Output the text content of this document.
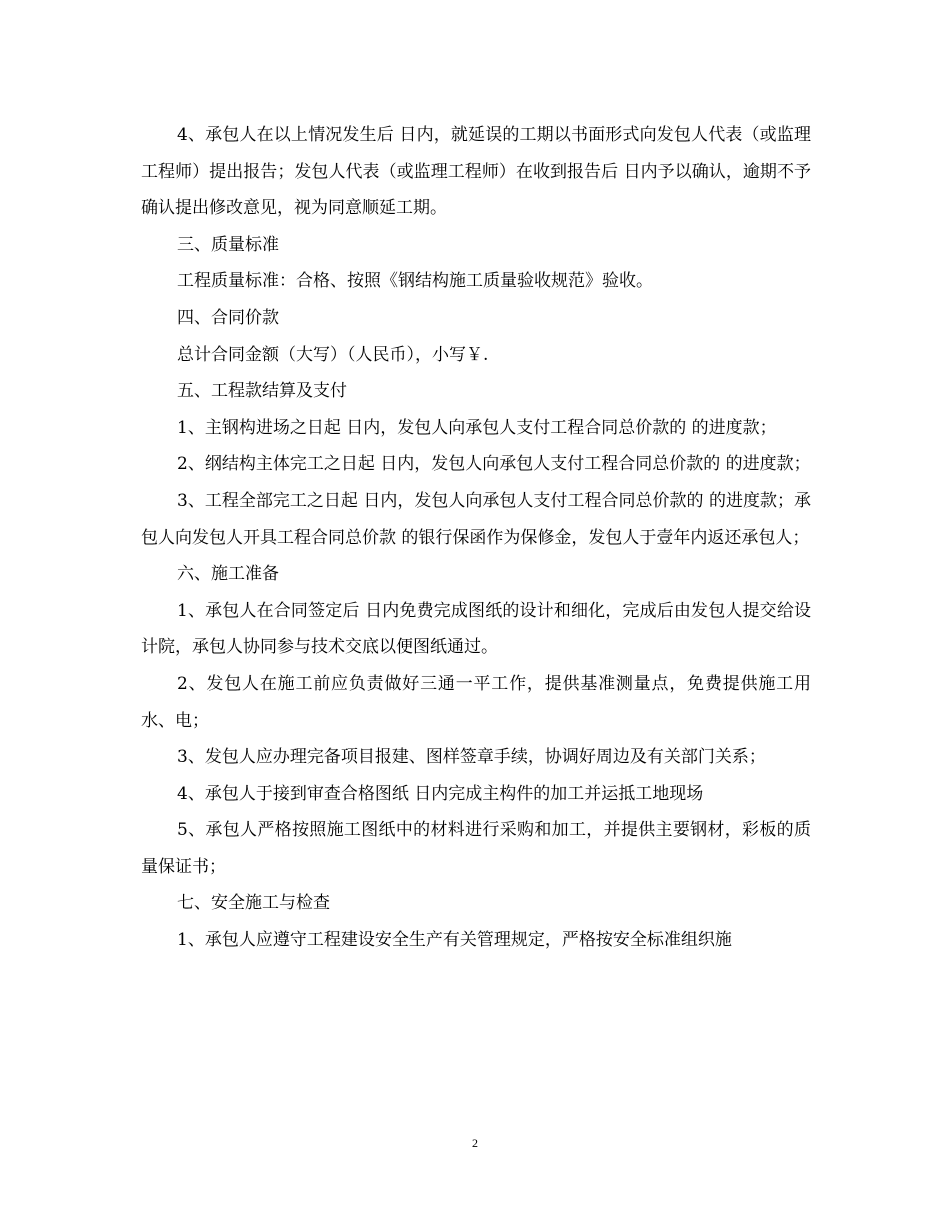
4、承包人在以上情况发生后 日内，就延误的工期以书面形式向发包人代表（或监理工程师）提出报告；发包人代表（或监理工程师）在收到报告后 日内予以确认，逾期不予确认提出修改意见，视为同意顺延工期。

三、质量标准

工程质量标准：合格、按照《钢结构施工质量验收规范》验收。

四、合同价款

总计合同金额（大写）（人民币），小写￥.

五、工程款结算及支付

1、主钢构进场之日起 日内，发包人向承包人支付工程合同总价款的 的进度款；

2、纲结构主体完工之日起 日内，发包人向承包人支付工程合同总价款的 的进度款；

3、工程全部完工之日起 日内，发包人向承包人支付工程合同总价款的 的进度款；承包人向发包人开具工程合同总价款 的银行保函作为保修金，发包人于壹年内返还承包人；

六、施工准备

1、承包人在合同签定后 日内免费完成图纸的设计和细化，完成后由发包人提交给设计院，承包人协同参与技术交底以便图纸通过。

2、发包人在施工前应负责做好三通一平工作，提供基准测量点，免费提供施工用水、电；

3、发包人应办理完备项目报建、图样签章手续，协调好周边及有关部门关系；

4、承包人于接到审查合格图纸 日内完成主构件的加工并运抵工地现场

5、承包人严格按照施工图纸中的材料进行采购和加工，并提供主要钢材，彩板的质量保证书；

七、安全施工与检查

1、承包人应遵守工程建设安全生产有关管理规定，严格按安全标准组织施

2
